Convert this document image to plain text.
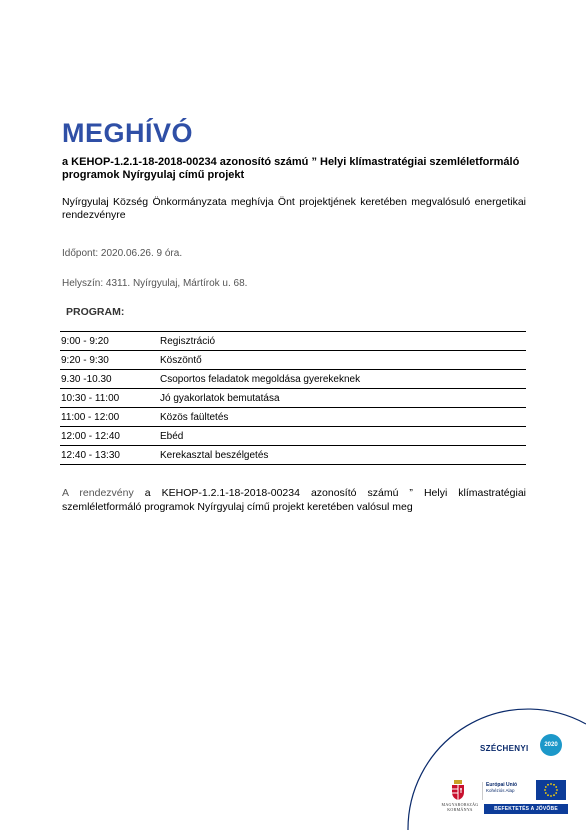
MEGHÍVÓ
a KEHOP-1.2.1-18-2018-00234 azonosító számú ” Helyi klímastratégiai szemléletformáló programok Nyírgyulaj című projekt
Nyírgyulaj Község Önkormányzata meghívja Önt projektjének keretében megvalósuló energetikai rendezvényre
Időpont: 2020.06.26. 9 óra.
Helyszín: 4311. Nyírgyulaj, Mártírok u. 68.
PROGRAM:
9:00 - 9:20	Regisztráció
9:20 - 9:30	Köszöntő
9.30 -10.30	Csoportos feladatok megoldása gyerekeknek
10:30 - 11:00	Jó gyakorlatok bemutatása
11:00 - 12:00	Közös faültetés
12:00 - 12:40	Ebéd
12:40 - 13:30	Kerekasztal beszélgetés
A rendezvény a KEHOP-1.2.1-18-2018-00234 azonosító számú ” Helyi klímastratégiai szemléletformáló programok Nyírgyulaj című projekt keretében valósul meg
SZÉCHENYI	2020
MAGYARORSZÁG KORMÁNYA
Európai Unió
Kohéziós Alap
BEFEKTETÉS A JÖVŐBE
